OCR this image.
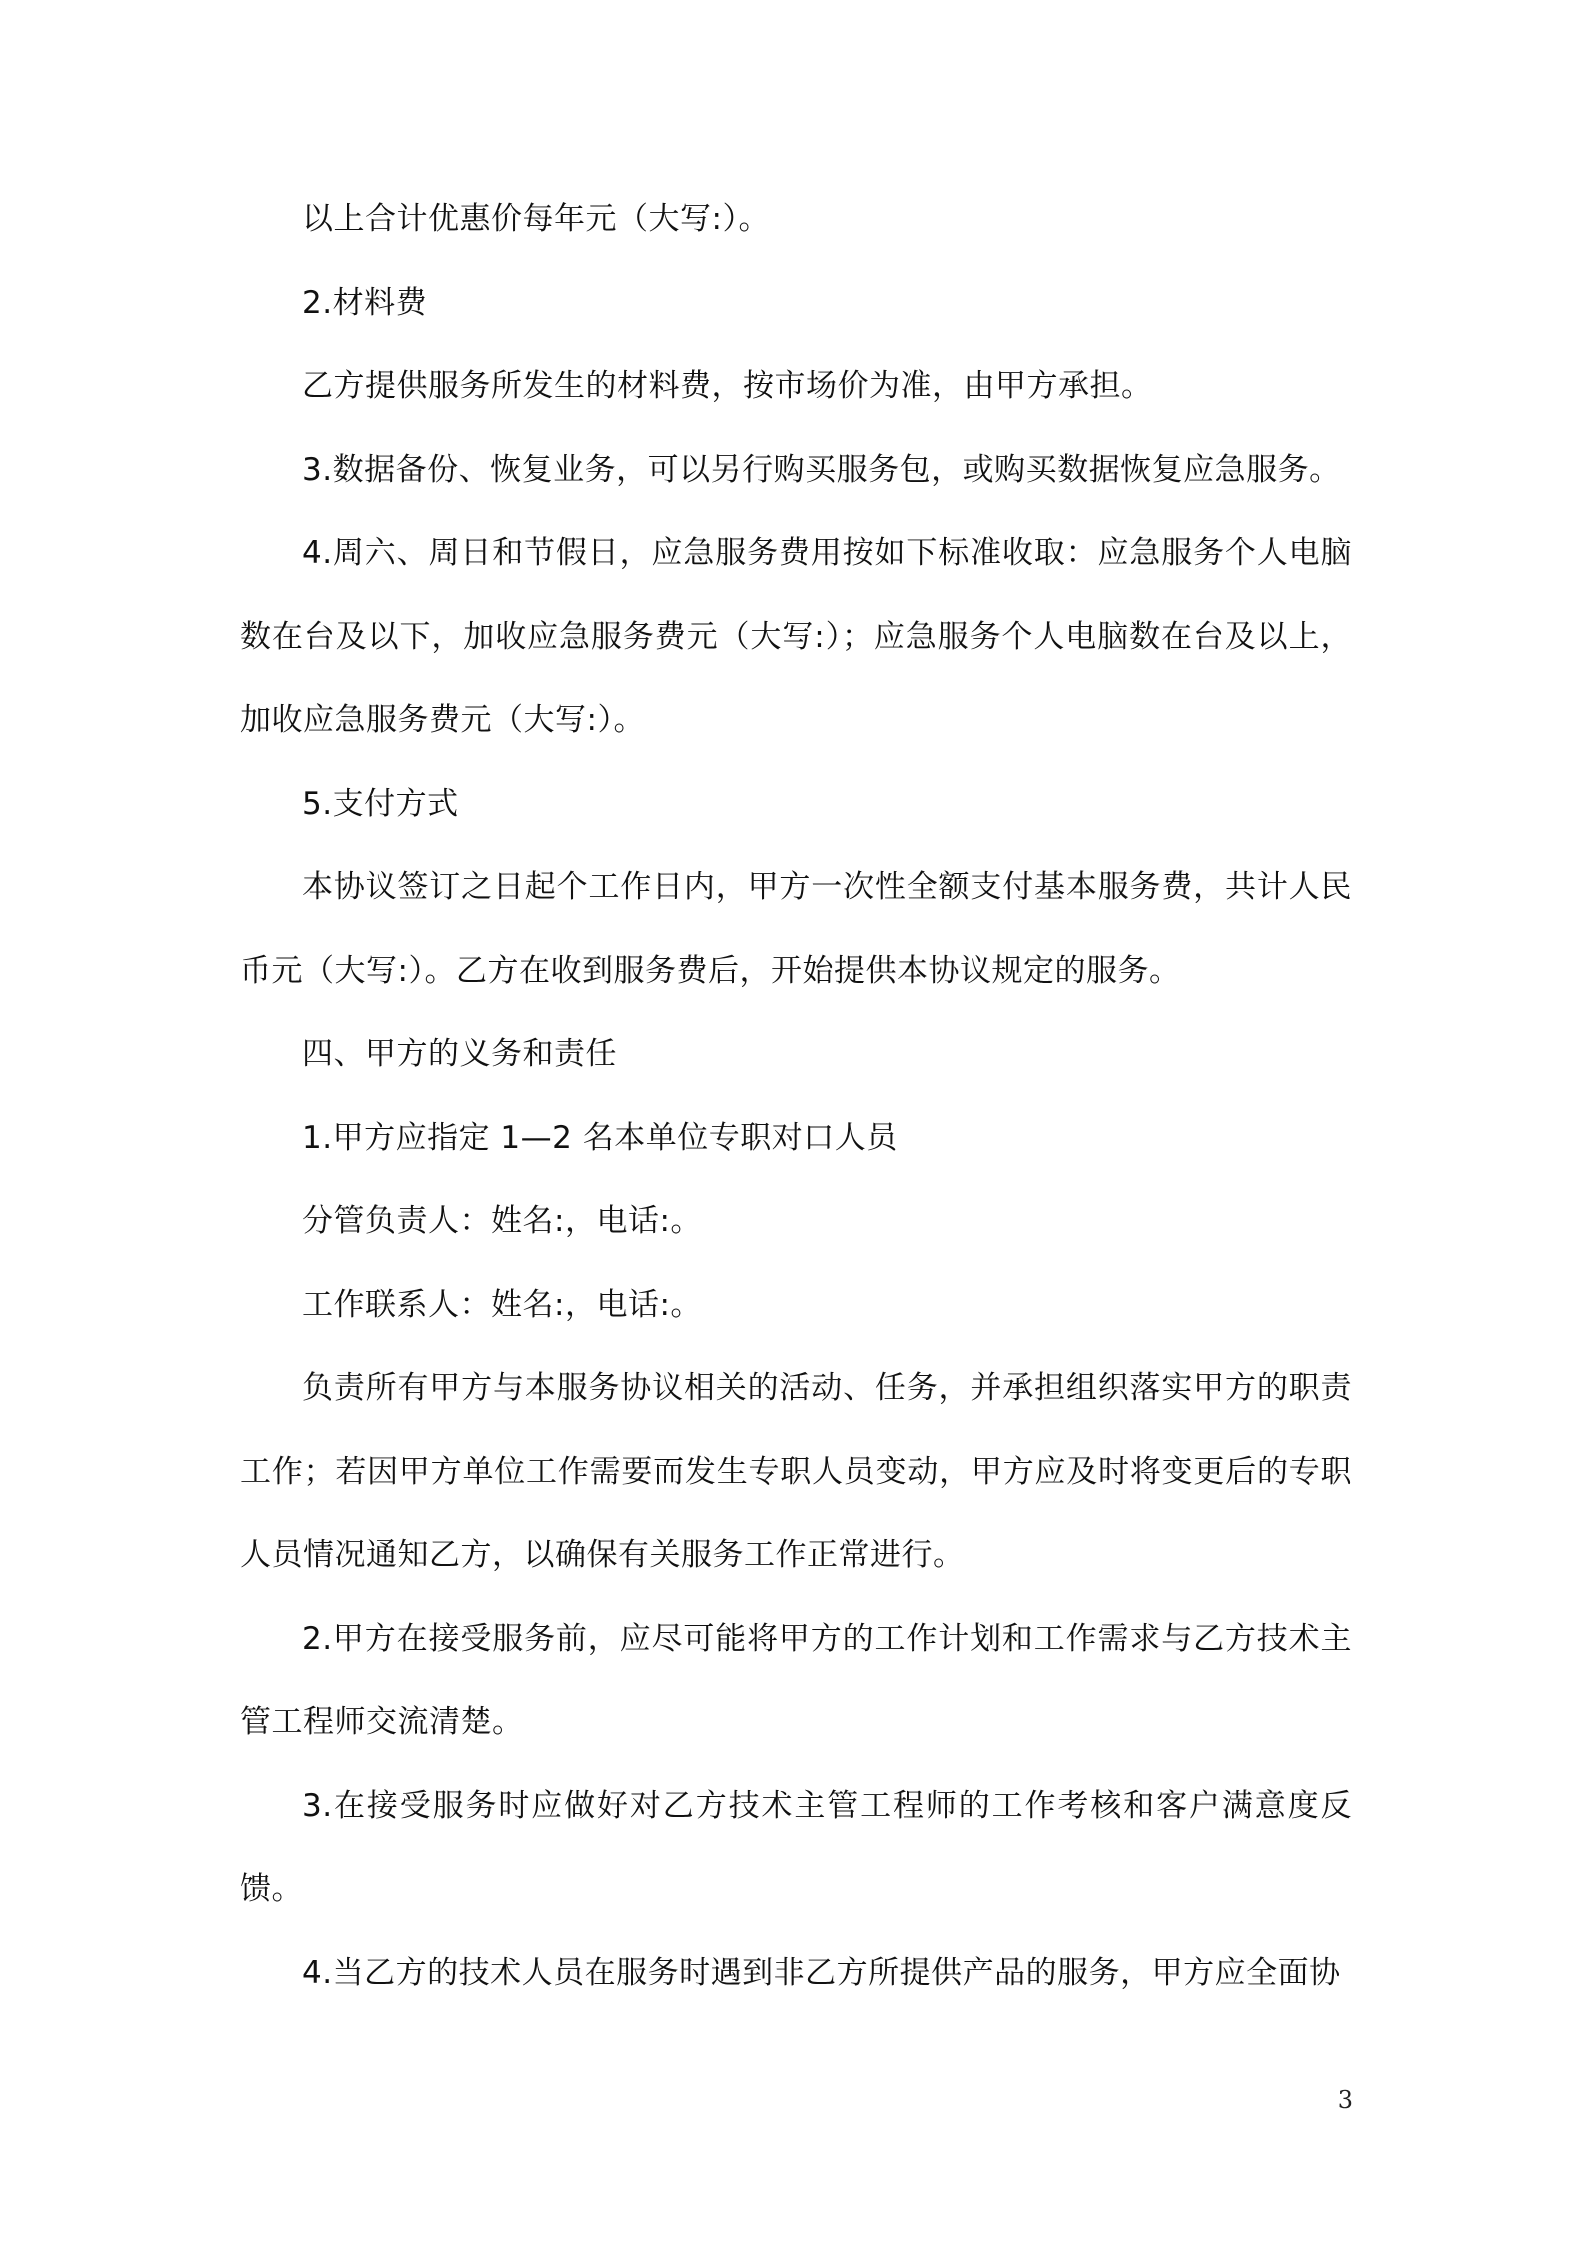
以上合计优惠价每年元（大写:）。

2.材料费

乙方提供服务所发生的材料费，按市场价为准，由甲方承担。

3.数据备份、恢复业务，可以另行购买服务包，或购买数据恢复应急服务。

4.周六、周日和节假日，应急服务费用按如下标准收取：应急服务个人电脑数在台及以下，加收应急服务费元（大写:）；应急服务个人电脑数在台及以上，加收应急服务费元（大写:）。

5.支付方式

本协议签订之日起个工作日内，甲方一次性全额支付基本服务费，共计人民币元（大写:）。乙方在收到服务费后，开始提供本协议规定的服务。

四、甲方的义务和责任

1.甲方应指定 1—2 名本单位专职对口人员

分管负责人：姓名:，电话:。

工作联系人：姓名:，电话:。

负责所有甲方与本服务协议相关的活动、任务，并承担组织落实甲方的职责工作；若因甲方单位工作需要而发生专职人员变动，甲方应及时将变更后的专职人员情况通知乙方，以确保有关服务工作正常进行。

2.甲方在接受服务前，应尽可能将甲方的工作计划和工作需求与乙方技术主管工程师交流清楚。

3.在接受服务时应做好对乙方技术主管工程师的工作考核和客户满意度反馈。

4.当乙方的技术人员在服务时遇到非乙方所提供产品的服务，甲方应全面协

3
